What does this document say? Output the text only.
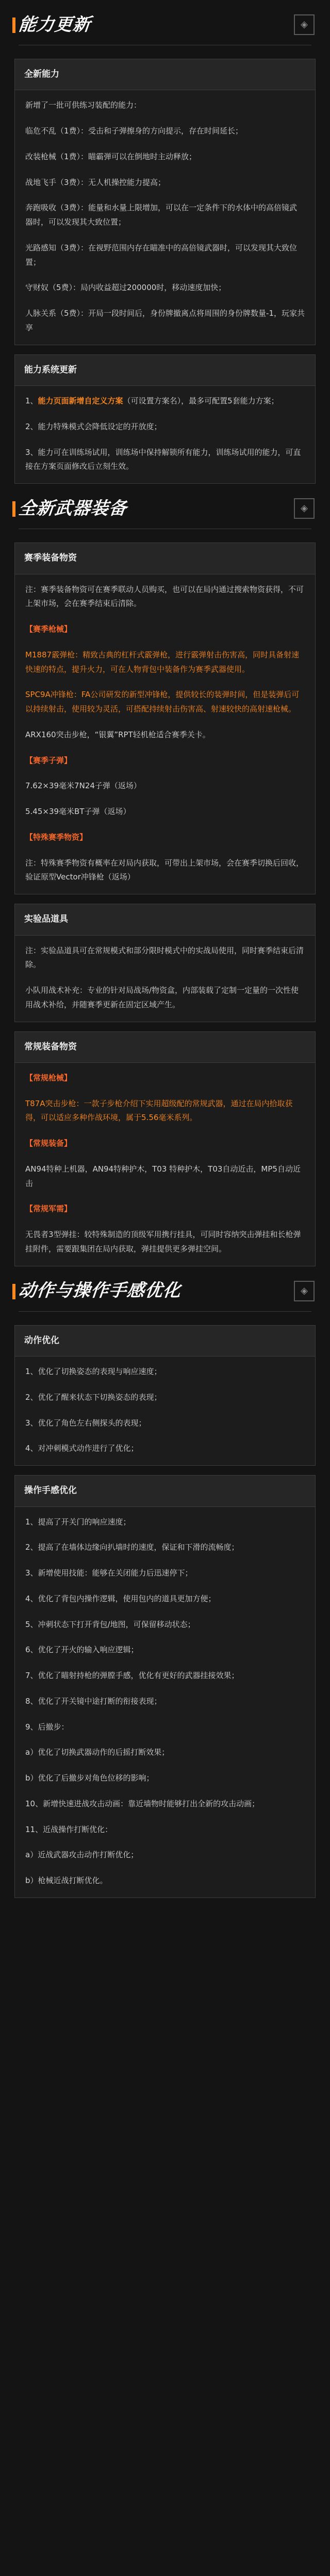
能力更新	◈
全新能力

新增了一批可供练习装配的能力：

临危不乱（1费）：受击和子弹擦身的方向提示，存在时间延长；

改装枪械（1费）：瞄霸弹可以在倒地时主动释放；

战地飞手（3费）：无人机操控能力提高；

奔跑吸收（3费）：能量和水量上限增加，可以在一定条件下的水体中的高倍镜武器时，可以发现其大致位置；

光路感知（3费）：在视野范围内存在瞄准中的高倍镜武器时，可以发现其大致位置；

守财奴（5费）：局内收益超过200000时，移动速度加快；

人脉关系（5费）：开局一段时间后，身份牌撤离点将周围的身份牌数量-1，玩家共享

能力系统更新

1、能力页面新增自定义方案（可设置方案名），最多可配置5套能力方案；

2、能力特殊模式会降低设定的开放度；

3、能力可在训练场试用，训练场中保持解锁所有能力，训练场试用的能力，可直接在方案页面修改后立刻生效。

全新武器装备	◈
赛季装备物资

注：赛季装备物资可在赛季联动人员购买，也可以在局内通过搜索物资获得，不可上架市场，会在赛季结束后清除。

【赛季枪械】

M1887霰弹枪：精致古典的杠杆式霰弹枪，进行霰弹射击伤害高，同时具备射速快速的特点，提升火力，可在人物背包中装备作为赛季武器使用。

SPC9A冲锋枪：FA公司研发的新型冲锋枪，提供较长的装弹时间，但是装弹后可以持续射击，使用较为灵活，可搭配持续射击伤害高、射速较快的高射速枪械。

ARX160突击步枪，“银翼”RPT轻机枪适合赛季关卡。

【赛季子弹】

7.62×39毫米7N24子弹（返场）

5.45×39毫米BT子弹（返场）

【特殊赛季物资】

注：特殊赛季物资有概率在对局内获取，可带出上架市场，会在赛季切换后回收，验证原型Vector冲锋枪（返场）

实验品道具

注：实验品道具可在常规模式和部分限时模式中的实战局使用，同时赛季结束后清除。

小队用战术补充：专业的针对局战场/物资盒，内部装载了定制一定量的一次性使用战术补给，并随赛季更新在固定区域产生。

常规装备物资

【常规枪械】

T87A突击步枪：一款子步枪介绍下实用超级配的常规武器，通过在局内拾取获得，可以适应多种作战环境，属于5.56毫米系列。

【常规装备】

AN94特种上机器，AN94特种护木，T03 特种护木，T03自动近击，MP5自动近击

【常规军需】

无畏者3型弹挂：较特殊制造的顶级军用携行挂具，可同时容纳突击弹挂和长枪弹挂附件，需要跟集团在局内获取，弹挂提供更多弹挂空间。

动作与操作手感优化	◈
动作优化

1、优化了切换姿态的表现与响应速度；

2、优化了醒来状态下切换姿态的表现；

3、优化了角色左右侧探头的表现；

4、对冲刺模式动作进行了优化；

操作手感优化

1、提高了开关门的响应速度；

2、提高了在墙体边缘向扒墙时的速度，保证和下滑的流畅度；

3、新增使用技能：能够在关闭能力后迅速停下；

4、优化了背包内操作逻辑，使用包内的道具更加方便；

5、冲刺状态下打开背包/地图，可保留移动状态；

6、优化了开火的输入响应逻辑；

7、优化了瞄射持枪的弹膛手感，优化有更好的武器挂接效果；

8、优化了开关镜中途打断的衔接表现；

9、后撤步：

a）优化了切换武器动作的后摇打断效果；

b）优化了后撤步对角色位移的影响；

10、新增快速进战攻击动画：靠近墙物时能够打出全新的攻击动画；

11、近战操作打断优化：

a）近战武器攻击动作打断优化；

b）枪械近战打断优化。
